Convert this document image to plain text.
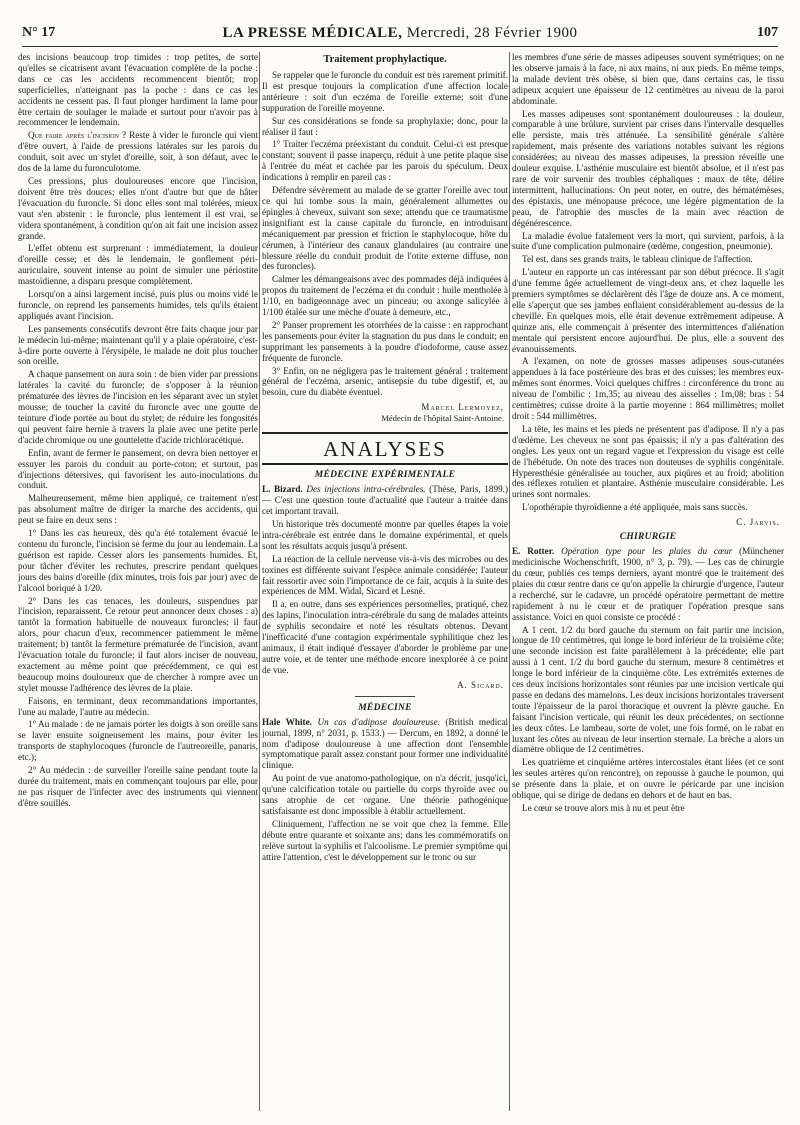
N° 17	LA PRESSE MÉDICALE, Mercredi, 28 Février 1900	107

des incisions beaucoup trop timides : trop petites, de sorte qu'elles se cicatrisent avant l'évacuation complète de la poche : dans ce cas les accidents recommencent bientôt; trop superficielles, n'atteignant pas la poche : dans ce cas les accidents ne cessent pas. Il faut plonger hardiment la lame pour être certain de soulager le malade et surtout pour n'avoir pas à recommencer le lendemain.

Que faire après l'incision ? Reste à vider le furoncle qui vient d'être ouvert, à l'aide de pressions latérales sur les parois du conduit, soit avec un stylet d'oreille, soit, à son défaut, avec le dos de la lame du furonculotome.

Ces pressions, plus douloureuses encore que l'incision, doivent être très douces; elles n'ont d'autre but que de hâter l'évacuation du furoncle. Si donc elles sont mal tolérées, mieux vaut s'en abstenir : le furoncle, plus lentement il est vrai, se videra spontanément, à condition qu'on ait fait une incision assez grande.

L'effet obtenu est surprenant : immédiatement, la douleur d'oreille cesse; et dès le lendemain, le gonflement péri-auriculaire, souvent intense au point de simuler une périostite mastoïdienne, a disparu presque complètement.

Lorsqu'on a ainsi largement incisé, puis plus ou moins vidé le furoncle, on reprend les pansements humides, tels qu'ils étaient appliqués avant l'incision.

Les pansements consécutifs devront être faits chaque jour par le médecin lui-même; maintenant qu'il y a plaie opératoire, c'est-à-dire porte ouverte à l'érysipèle, le malade ne doit plus toucher son oreille.

A chaque pansement on aura soin : de bien vider par pressions latérales la cavité du furoncle; de s'opposer à la réunion prématurée des lèvres de l'incision en les séparant avec un stylet mousse; de toucher la cavité du furoncle avec une goutte de teinture d'iode portée au bout du stylet; de réduire les fongosités qui peuvent faire hernie à travers la plaie avec une petite perle d'acide chromique ou une gouttelette d'acide trichloracétique.

Enfin, avant de fermer le pansement, on devra bien nettoyer et essuyer les parois du conduit au porte-coton; et surtout, pas d'injections détersives, qui favorisent les auto-inoculations du conduit.

Malheureusement, même bien appliqué, ce traitement n'est pas absolument maître de diriger la marche des accidents, qui peut se faire en deux sens :

1° Dans les cas heureux, dès qu'a été totalement évacué le contenu du furoncle, l'incision se ferme du jour au lendemain. La guérison est rapide. Cesser alors les pansements humides. Et, pour tâcher d'éviter les rechutes, prescrire pendant quelques jours des bains d'oreille (dix minutes, trois fois par jour) avec de l'alcool boriqué à 1/20.

2° Dans les cas tenaces, les douleurs, suspendues par l'incision, reparaissent. Ce retour peut annoncer deux choses : a) tantôt la formation habituelle de nouveaux furoncles; il faut alors, pour chacun d'eux, recommencer patiemment le même traitement; b) tantôt la fermeture prématurée de l'incision, avant l'évacuation totale du furoncle; il faut alors inciser de nouveau, exactement au même point que précédemment, ce qui est beaucoup moins douloureux que de chercher à rompre avec un stylet mousse l'adhérence des lèvres de la plaie.

Faisons, en terminant, deux recommandations importantes, l'une au malade, l'autre au médecin.

1° Au malade : de ne jamais porter les doigts à son oreille sans se laver ensuite soigneusement les mains, pour éviter les transports de staphylocoques (furoncle de l'autreoreille, panaris, etc.);

2° Au médecin : de surveiller l'oreille saine pendant toute la durée du traitement, mais en commençant toujours par elle, pour ne pas risquer de l'infecter avec des instruments qui viennent d'être souillés.

Traitement prophylactique.

Se rappeler que le furoncle du conduit est très rarement primitif. Il est presque toujours la complication d'une affection locale antérieure : soit d'un eczéma de l'oreille externe; soit d'une suppuration de l'oreille moyenne.

Sur ces considérations se fonde sa prophylaxie; donc, pour la réaliser il faut :

1° Traiter l'eczéma préexistant du conduit. Celui-ci est presque constant; souvent il passe inaperçu, réduit à une petite plaque sise à l'entrée du méat et cachée par les parois du spéculum. Deux indications à remplir en pareil cas :

Défendre sévèrement au malade de se gratter l'oreille avec tout ce qui lui tombe sous la main, généralement allumettes ou épingles à cheveux, suivant son sexe; attendu que ce traumatisme insignifiant est la cause capitale du furoncle, en introduisant mécaniquement par pression et friction le staphylocoque, hôte du cérumen, à l'intérieur des canaux glandulaires (au contraire une blessure réelle du conduit produit de l'otite externe diffuse, non des furoncles).

Calmer les démangeaisons avec des pommades déjà indiquées à propos du traitement de l'eczéma et du conduit : huile mentholée à 1/10, en badigeonnage avec un pinceau; ou axonge salicylée à 1/100 étalée sur une mèche d'ouate à demeure, etc.,

2° Panser proprement les otorrhées de la caisse : en rapprochant les pansements pour éviter la stagnation du pus dans le conduit; en supprimant les pansements à la poudre d'iodoforme, cause assez fréquente de furoncle.

3° Enfin, on ne négligera pas le traitement général : traitement général de l'eczéma, arsenic, antisepsie du tube digestif, et, au besoin, cure du diabète éventuel.

Marcel Lermoyez,
Médecin de l'hôpital Saint-Antoine.
ANALYSES
MÉDECINE EXPÉRIMENTALE

L. Bizard. Des injections intra-cérébrales. (Thèse, Paris, 1899.) — C'est une question toute d'actualité que l'auteur a traitée dans cet important travail.

Un historique très documenté montre par quelles étapes la voie intra-cérébrale est entrée dans le domaine expérimental, et quels sont les résultats acquis jusqu'à présent.

La réaction de la cellule nerveuse vis-à-vis des microbes ou des toxines est différente suivant l'espèce animale considérée; l'auteur fait ressortir avec soin l'importance de ce fait, acquis à la suite des expériences de MM. Widal, Sicard et Lesné.

Il a, en outre, dans ses expériences personnelles, pratiqué, chez des lapins, l'inoculation intra-cérébrale du sang de malades atteints de syphilis secondaire et noté les résultats obtenus. Devant l'inefficacité d'une contagion expérimentale syphilitique chez les animaux, il était indiqué d'essayer d'aborder le problème par une autre voie, et de tenter une méthode encore inexplorée à ce point de vue.

A. Sicard.
MÉDECINE

Hale White. Un cas d'adipose douloureuse. (British medical journal, 1899, n° 2031, p. 1533.) — Dercum, en 1892, a donné le nom d'adipose douloureuse à une affection dont l'ensemble symptomatique paraît assez constant pour former une individualité clinique.

Au point de vue anatomo-pathologique, on n'a décrit, jusqu'ici, qu'une calcification totale ou partielle du corps thyroïde avec ou sans atrophie de cet organe. Une théorie pathogénique satisfaisante est donc impossible à établir actuellement.

Cliniquement, l'affection ne se voit que chez la femme. Elle débute entre quarante et soixante ans; dans les commémoratifs on relève surtout la syphilis et l'alcoolisme. Le premier symptôme qui attire l'attention, c'est le développement sur le tronc ou sur

les membres d'une série de masses adipeuses souvent symétriques; on ne les observe jamais à la face, ni aux mains, ni aux pieds. En même temps, la malade devient très obèse, si bien que, dans certains cas, le tissu adipeux acquiert une épaisseur de 12 centimètres au niveau de la paroi abdominale.

Les masses adipeuses sont spontanément douloureuses : la douleur, comparable à une brûlure, survient par crises dans l'intervalle desquelles elle persiste, mais très atténuée. La sensibilité générale s'altère rapidement, mais présente des variations notables suivant les régions considérées; au niveau des masses adipeuses, la pression réveille une douleur exquise. L'asthénie musculaire est bientôt absolue, et il n'est pas rare de voir survenir des troubles céphaliques : maux de tête, délire intermittent, hallucinations. On peut noter, en outre, des hématémèses, des épistaxis, une ménopause précoce, une légère pigmentation de la peau, de l'atrophie des muscles de la main avec réaction de dégénérescence.

La maladie évolue fatalement vers la mort, qui survient, parfois, à la suite d'une complication pulmonaire (œdème, congestion, pneumonie).

Tel est, dans ses grands traits, le tableau clinique de l'affection.

L'auteur en rapporte un cas intéressant par son début précoce. Il s'agit d'une femme âgée actuellement de vingt-deux ans, et chez laquelle les premiers symptômes se déclarèrent dès l'âge de douze ans. A ce moment, elle s'aperçut que ses jambes enflaient considérablement au-dessus de la cheville. En quelques mois, elle était devenue extrêmement adipeuse. A quinze ans, elle commençait à présenter des intermittences d'aliénation mentale qui persistent encore aujourd'hui. De plus, elle a souvent des évanouissements.

A l'examen, on note de grosses masses adipeuses sous-cutanées appendues à la face postérieure des bras et des cuisses; les membres eux-mêmes sont énormes. Voici quelques chiffres : circonférence du tronc au niveau de l'ombilic : 1m,35; au niveau des aisselles : 1m,08; bras : 54 centimètres; cuisse droite à la partie moyenne : 864 millimètres; mollet droit : 544 millimètres.

La tête, les mains et les pieds ne présentent pas d'adipose. Il n'y a pas d'œdème. Les cheveux ne sont pas épaissis; il n'y a pas d'altération des ongles. Les yeux ont un regard vague et l'expression du visage est celle de l'hébétude. On note des traces non douteuses de syphilis congénitale. Hyperesthésie généralisée au toucher, aux piqûres et au froid; abolition des réflexes rotulien et plantaire. Asthénie musculaire considérable. Les urines sont normales.

L'opothérapie thyroïdienne a été appliquée, mais sans succès.

C. Jarvis.
CHIRURGIE

E. Rotter. Opération type pour les plaies du cœur (Münchener medicinische Wochenschrift, 1900, n° 3, p. 79). — Les cas de chirurgie du cœur, publiés ces temps derniers, ayant montré que le traitement des plaies du cœur rentre dans ce qu'on appelle la chirurgie d'urgence, l'auteur a recherché, sur le cadavre, un procédé opératoire permettant de mettre rapidement à nu le cœur et de pratiquer l'opération presque sans assistance. Voici en quoi consiste ce procédé :

A 1 cent. 1/2 du bord gauche du sternum on fait partir une incision, longue de 10 centimètres, qui longe le bord inférieur de la troisième côte; une seconde incision est faite parallèlement à la précédente; elle part aussi à 1 cent. 1/2 du bord gauche du sternum, mesure 8 centimètres et longe le bord inférieur de la cinquième côte. Les extrémités externes de ces deux incisions horizontales sont réunies par une incision verticale qui passe en dedans des mamelons. Les deux incisions horizontales traversent toute l'épaisseur de la paroi thoracique et ouvrent la plèvre gauche. En faisant l'incision verticale, qui réunit les deux précédentes, on sectionne les deux côtes. Le lambeau, sorte de volet, une fois formé, on le rabat en luxant les côtes au niveau de leur insertion sternale. La brèche a alors un diamètre oblique de 12 centimètres.

Les quatrième et cinquième artères intercostales étant liées (et ce sont les seules artères qu'on rencontre), on repousse à gauche le poumon, qui se présente dans la plaie, et on ouvre le péricarde par une incision oblique, qui se dirige de dedans en dehors et de haut en bas.

Le cœur se trouve alors mis à nu et peut être
